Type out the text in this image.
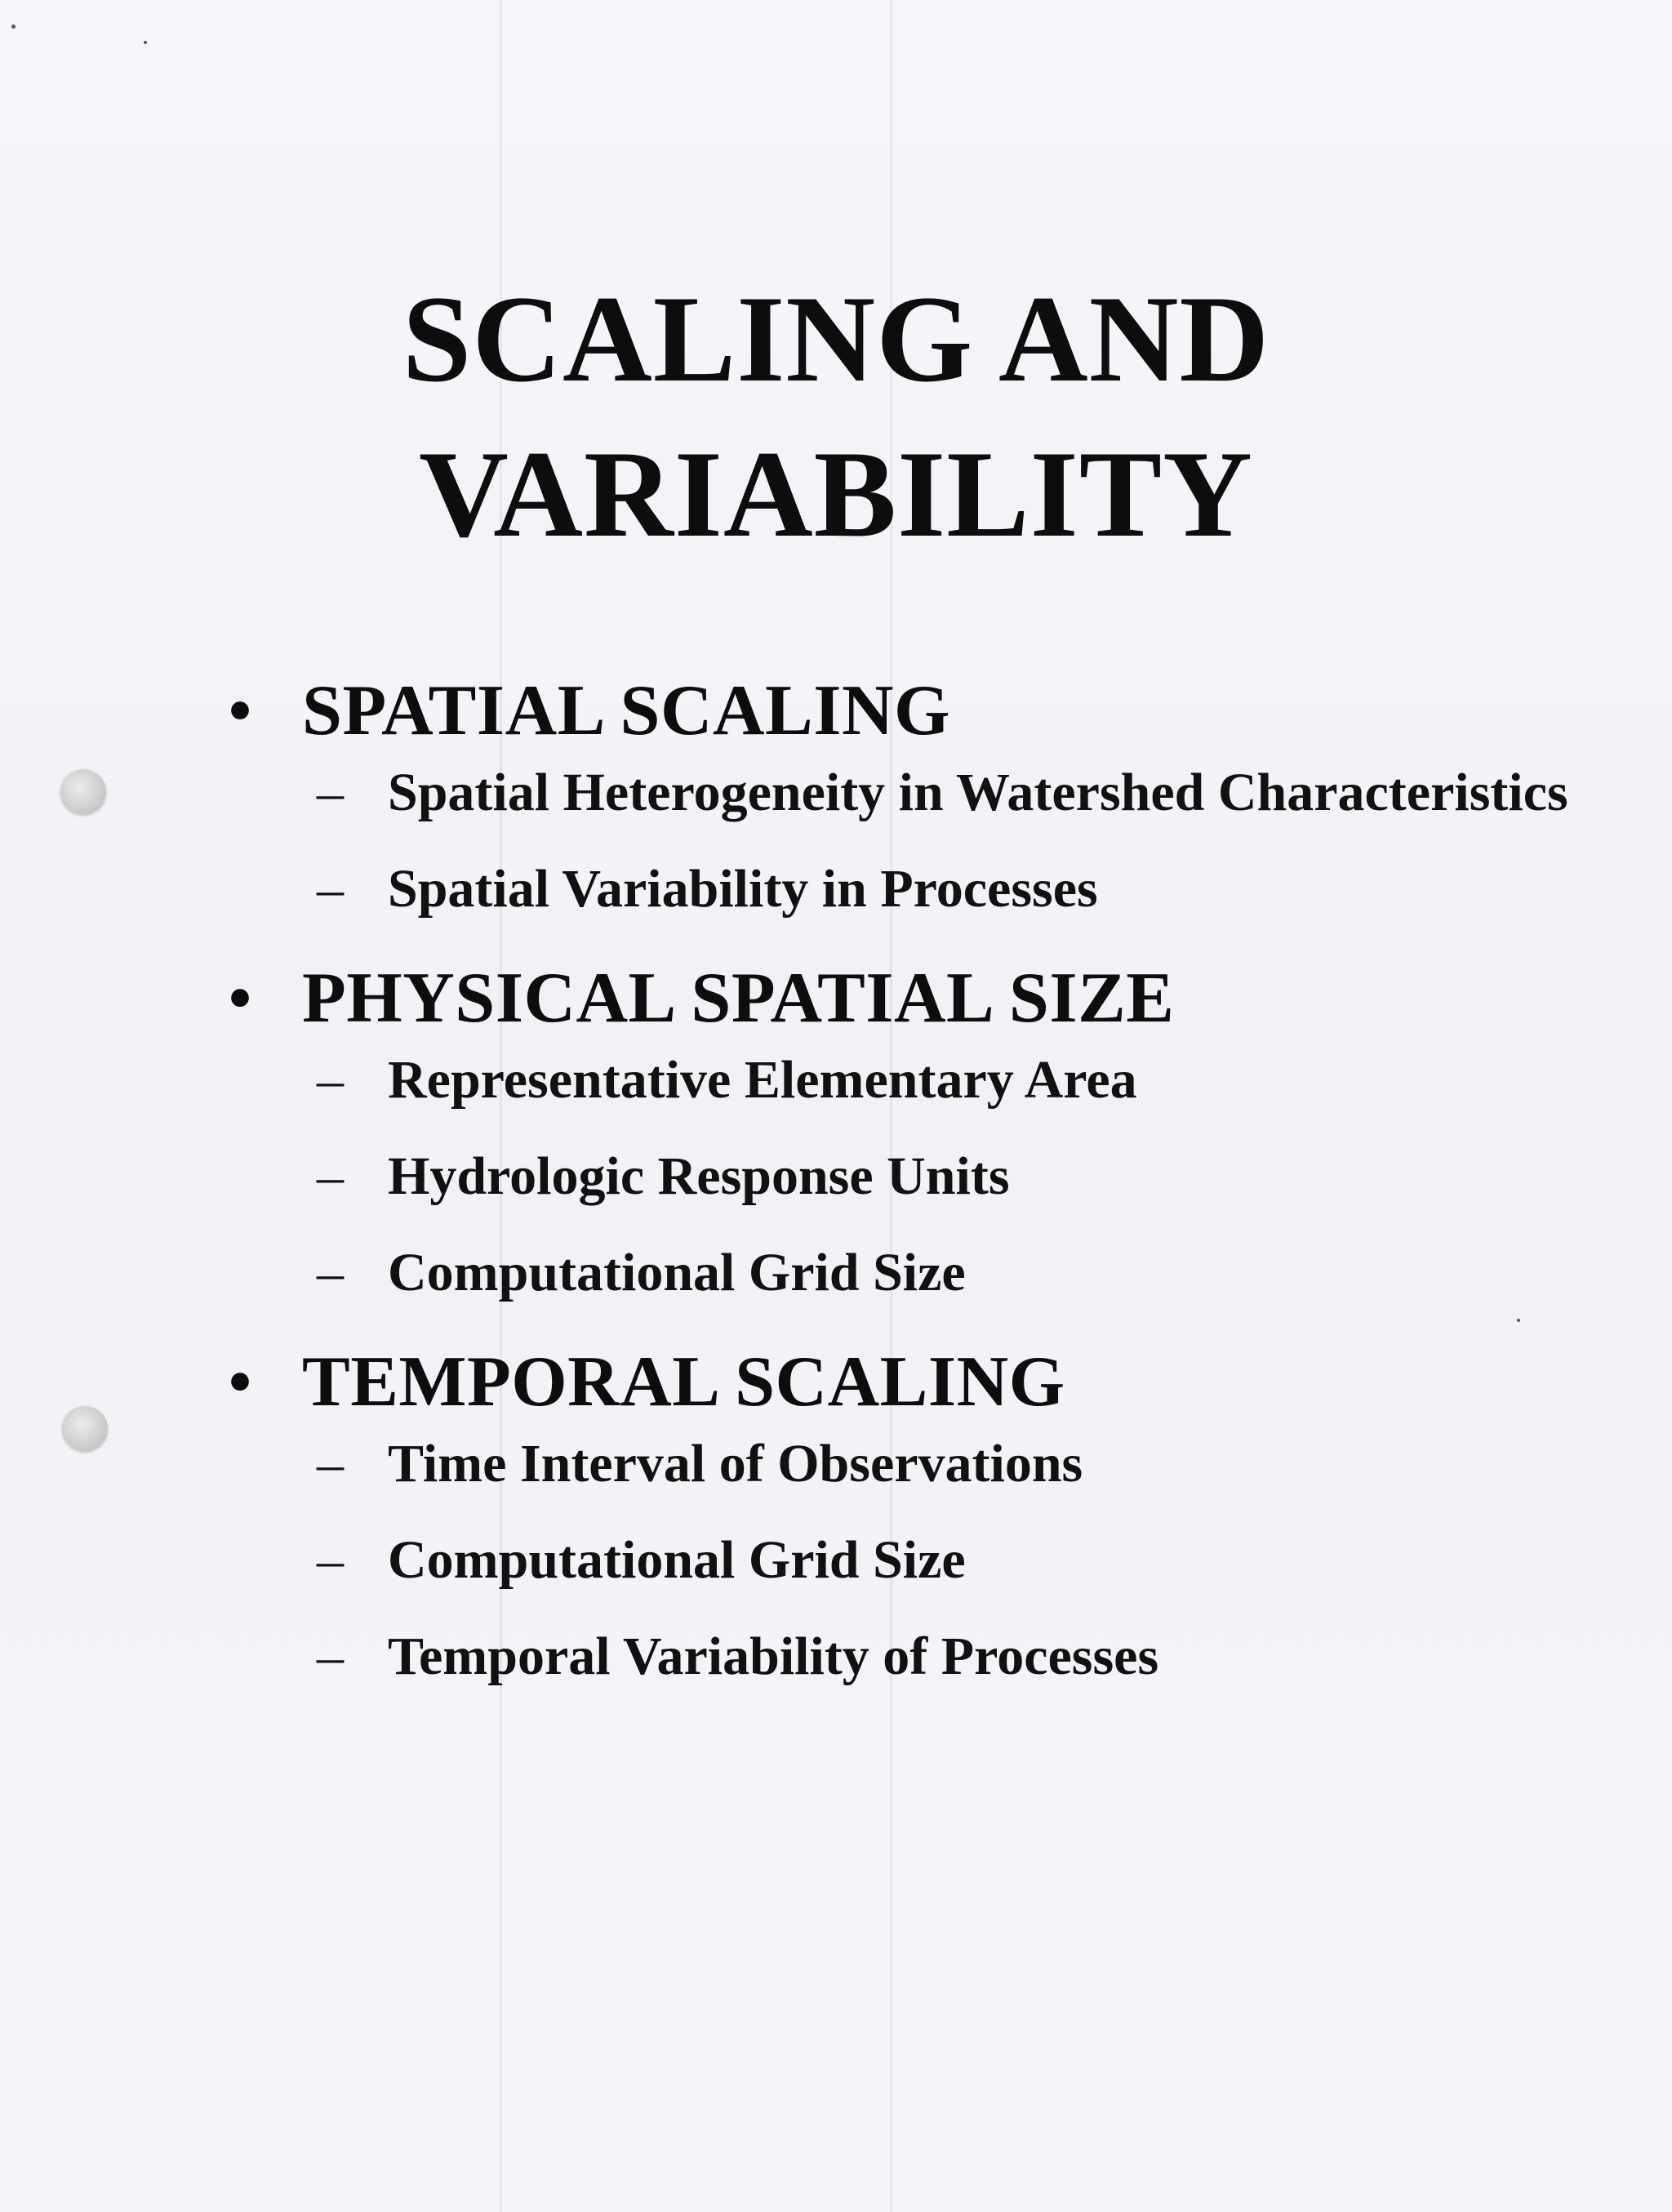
SCALING AND
VARIABILITY
• SPATIAL SCALING
– Spatial Heterogeneity in Watershed Characteristics
– Spatial Variability in Processes
• PHYSICAL SPATIAL SIZE
– Representative Elementary Area
– Hydrologic Response Units
– Computational Grid Size
• TEMPORAL SCALING
– Time Interval of Observations
– Computational Grid Size
– Temporal Variability of Processes
